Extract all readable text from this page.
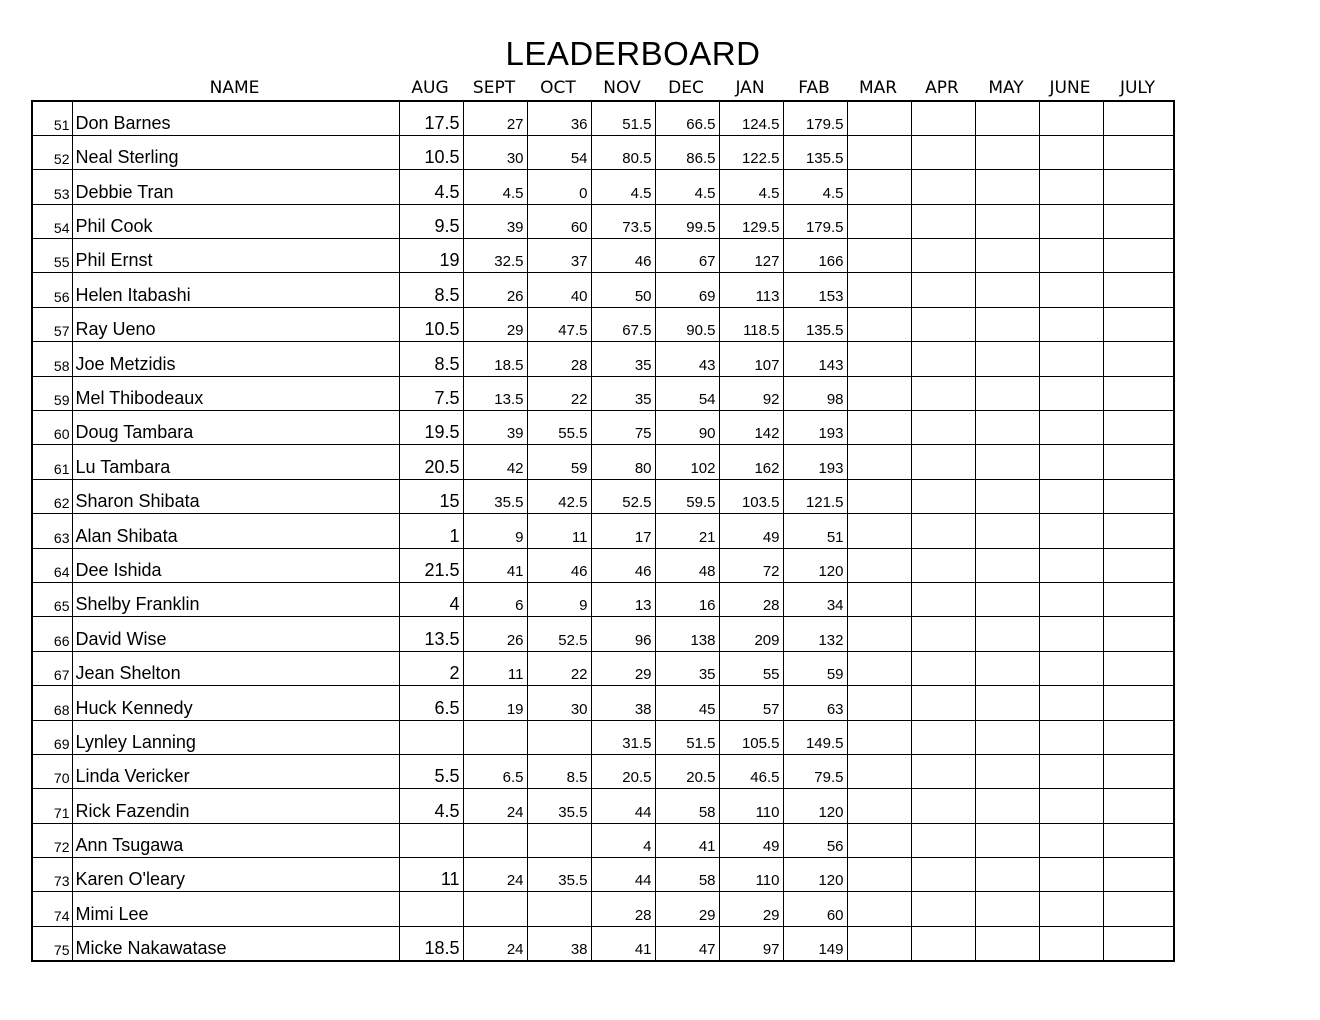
LEADERBOARD
NAME	AUG	SEPT	OCT	NOV	DEC	JAN	FAB	MAR	APR	MAY	JUNE	JULY
51	Don Barnes	17.5	27	36	51.5	66.5	124.5	179.5					
52	Neal Sterling	10.5	30	54	80.5	86.5	122.5	135.5					
53	Debbie Tran	4.5	4.5	0	4.5	4.5	4.5	4.5					
54	Phil Cook	9.5	39	60	73.5	99.5	129.5	179.5					
55	Phil Ernst	19	32.5	37	46	67	127	166					
56	Helen Itabashi	8.5	26	40	50	69	113	153					
57	Ray Ueno	10.5	29	47.5	67.5	90.5	118.5	135.5					
58	Joe Metzidis	8.5	18.5	28	35	43	107	143					
59	Mel Thibodeaux	7.5	13.5	22	35	54	92	98					
60	Doug Tambara	19.5	39	55.5	75	90	142	193					
61	Lu Tambara	20.5	42	59	80	102	162	193					
62	Sharon Shibata	15	35.5	42.5	52.5	59.5	103.5	121.5					
63	Alan Shibata	1	9	11	17	21	49	51					
64	Dee Ishida	21.5	41	46	46	48	72	120					
65	Shelby Franklin	4	6	9	13	16	28	34					
66	David Wise	13.5	26	52.5	96	138	209	132					
67	Jean Shelton	2	11	22	29	35	55	59					
68	Huck Kennedy	6.5	19	30	38	45	57	63					
69	Lynley Lanning				31.5	51.5	105.5	149.5					
70	Linda Vericker	5.5	6.5	8.5	20.5	20.5	46.5	79.5					
71	Rick Fazendin	4.5	24	35.5	44	58	110	120					
72	Ann Tsugawa				4	41	49	56					
73	Karen O'leary	11	24	35.5	44	58	110	120					
74	Mimi Lee				28	29	29	60					
75	Micke Nakawatase	18.5	24	38	41	47	97	149					
